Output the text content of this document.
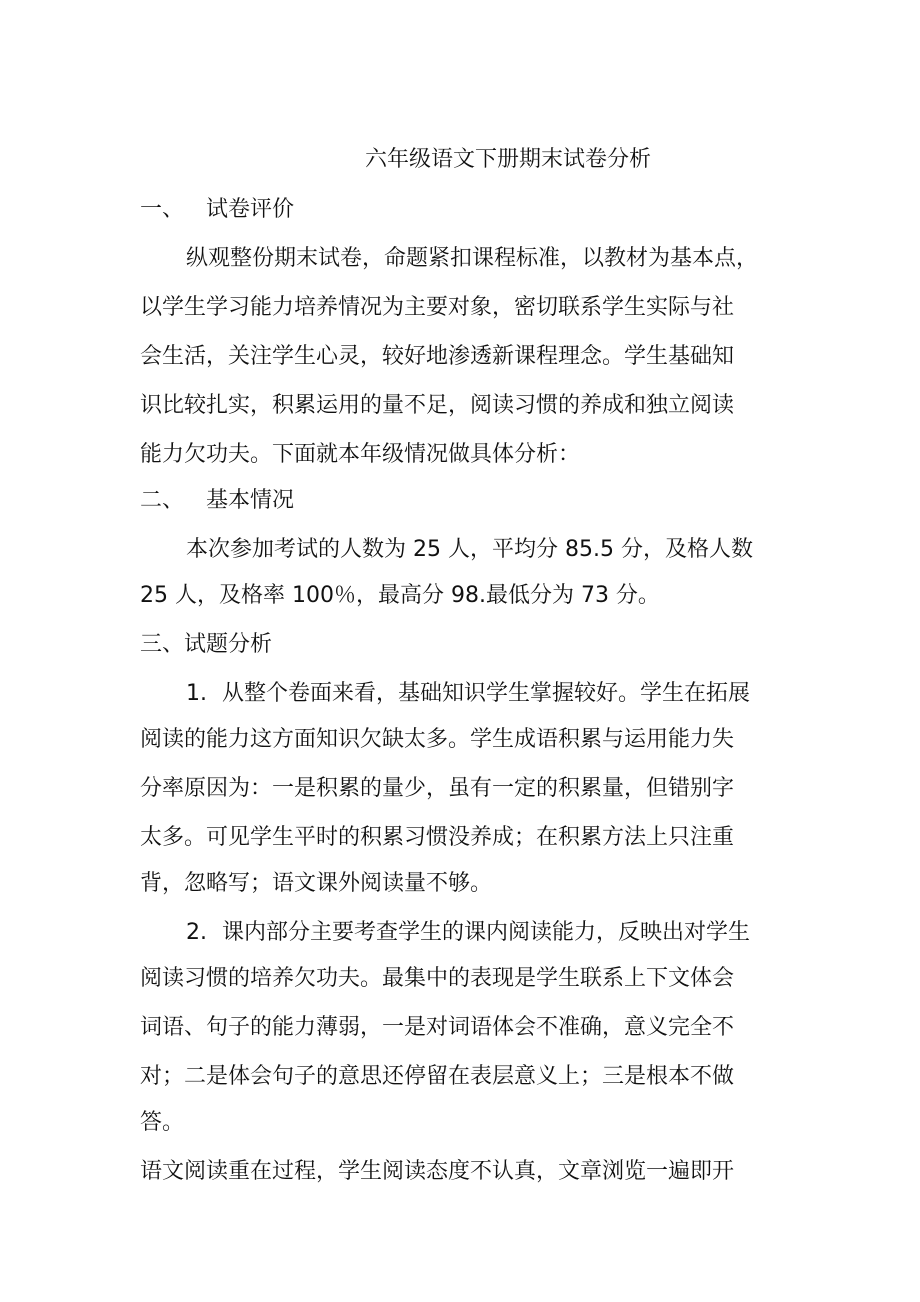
六年级语文下册期末试卷分析
一、 试卷评价
纵观整份期末试卷，命题紧扣课程标准，以教材为基本点，
以学生学习能力培养情况为主要对象，密切联系学生实际与社
会生活，关注学生心灵，较好地渗透新课程理念。学生基础知
识比较扎实，积累运用的量不足，阅读习惯的养成和独立阅读
能力欠功夫。下面就本年级情况做具体分析：
二、 基本情况
本次参加考试的人数为 25 人，平均分 85.5 分，及格人数
25 人，及格率 100％，最高分 98.最低分为 73 分。
三、试题分析
1. 从整个卷面来看，基础知识学生掌握较好。学生在拓展
阅读的能力这方面知识欠缺太多。学生成语积累与运用能力失
分率原因为：一是积累的量少，虽有一定的积累量，但错别字
太多。可见学生平时的积累习惯没养成；在积累方法上只注重
背，忽略写；语文课外阅读量不够。
2. 课内部分主要考查学生的课内阅读能力，反映出对学生
阅读习惯的培养欠功夫。最集中的表现是学生联系上下文体会
词语、句子的能力薄弱，一是对词语体会不准确，意义完全不
对；二是体会句子的意思还停留在表层意义上；三是根本不做
答。
语文阅读重在过程，学生阅读态度不认真，文章浏览一遍即开
